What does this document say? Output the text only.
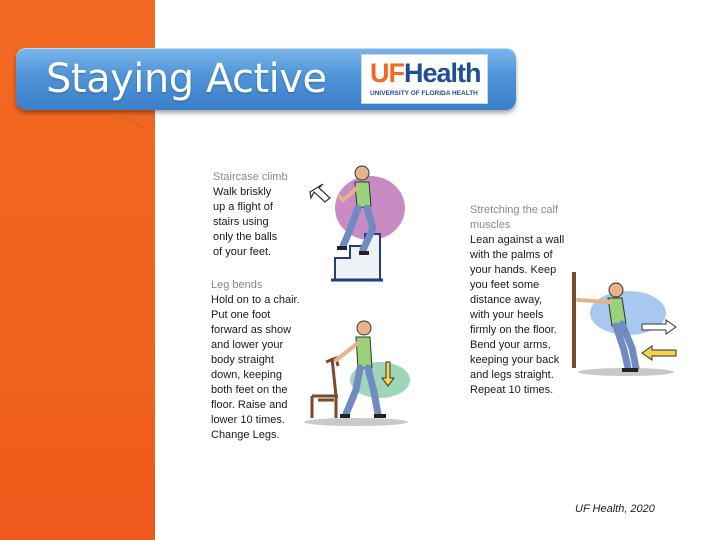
Staying Active UFHealth
UNIVERSITY OF FLORIDA HEALTH
Staircase climb
Walk briskly
up a flight of
stairs using
only the balls
of your feet.
Leg bends
Hold on to a chair.
Put one foot
forward as show
and lower your
body straight
down, keeping
both feet on the
floor. Raise and
lower 10 times.
Change Legs.
Stretching the calf
muscles
Lean against a wall
with the palms of
your hands. Keep
you feet some
distance away,
with your heels
firmly on the floor.
Bend your arms,
keeping your back
and legs straight.
Repeat 10 times.
UF Health, 2020
